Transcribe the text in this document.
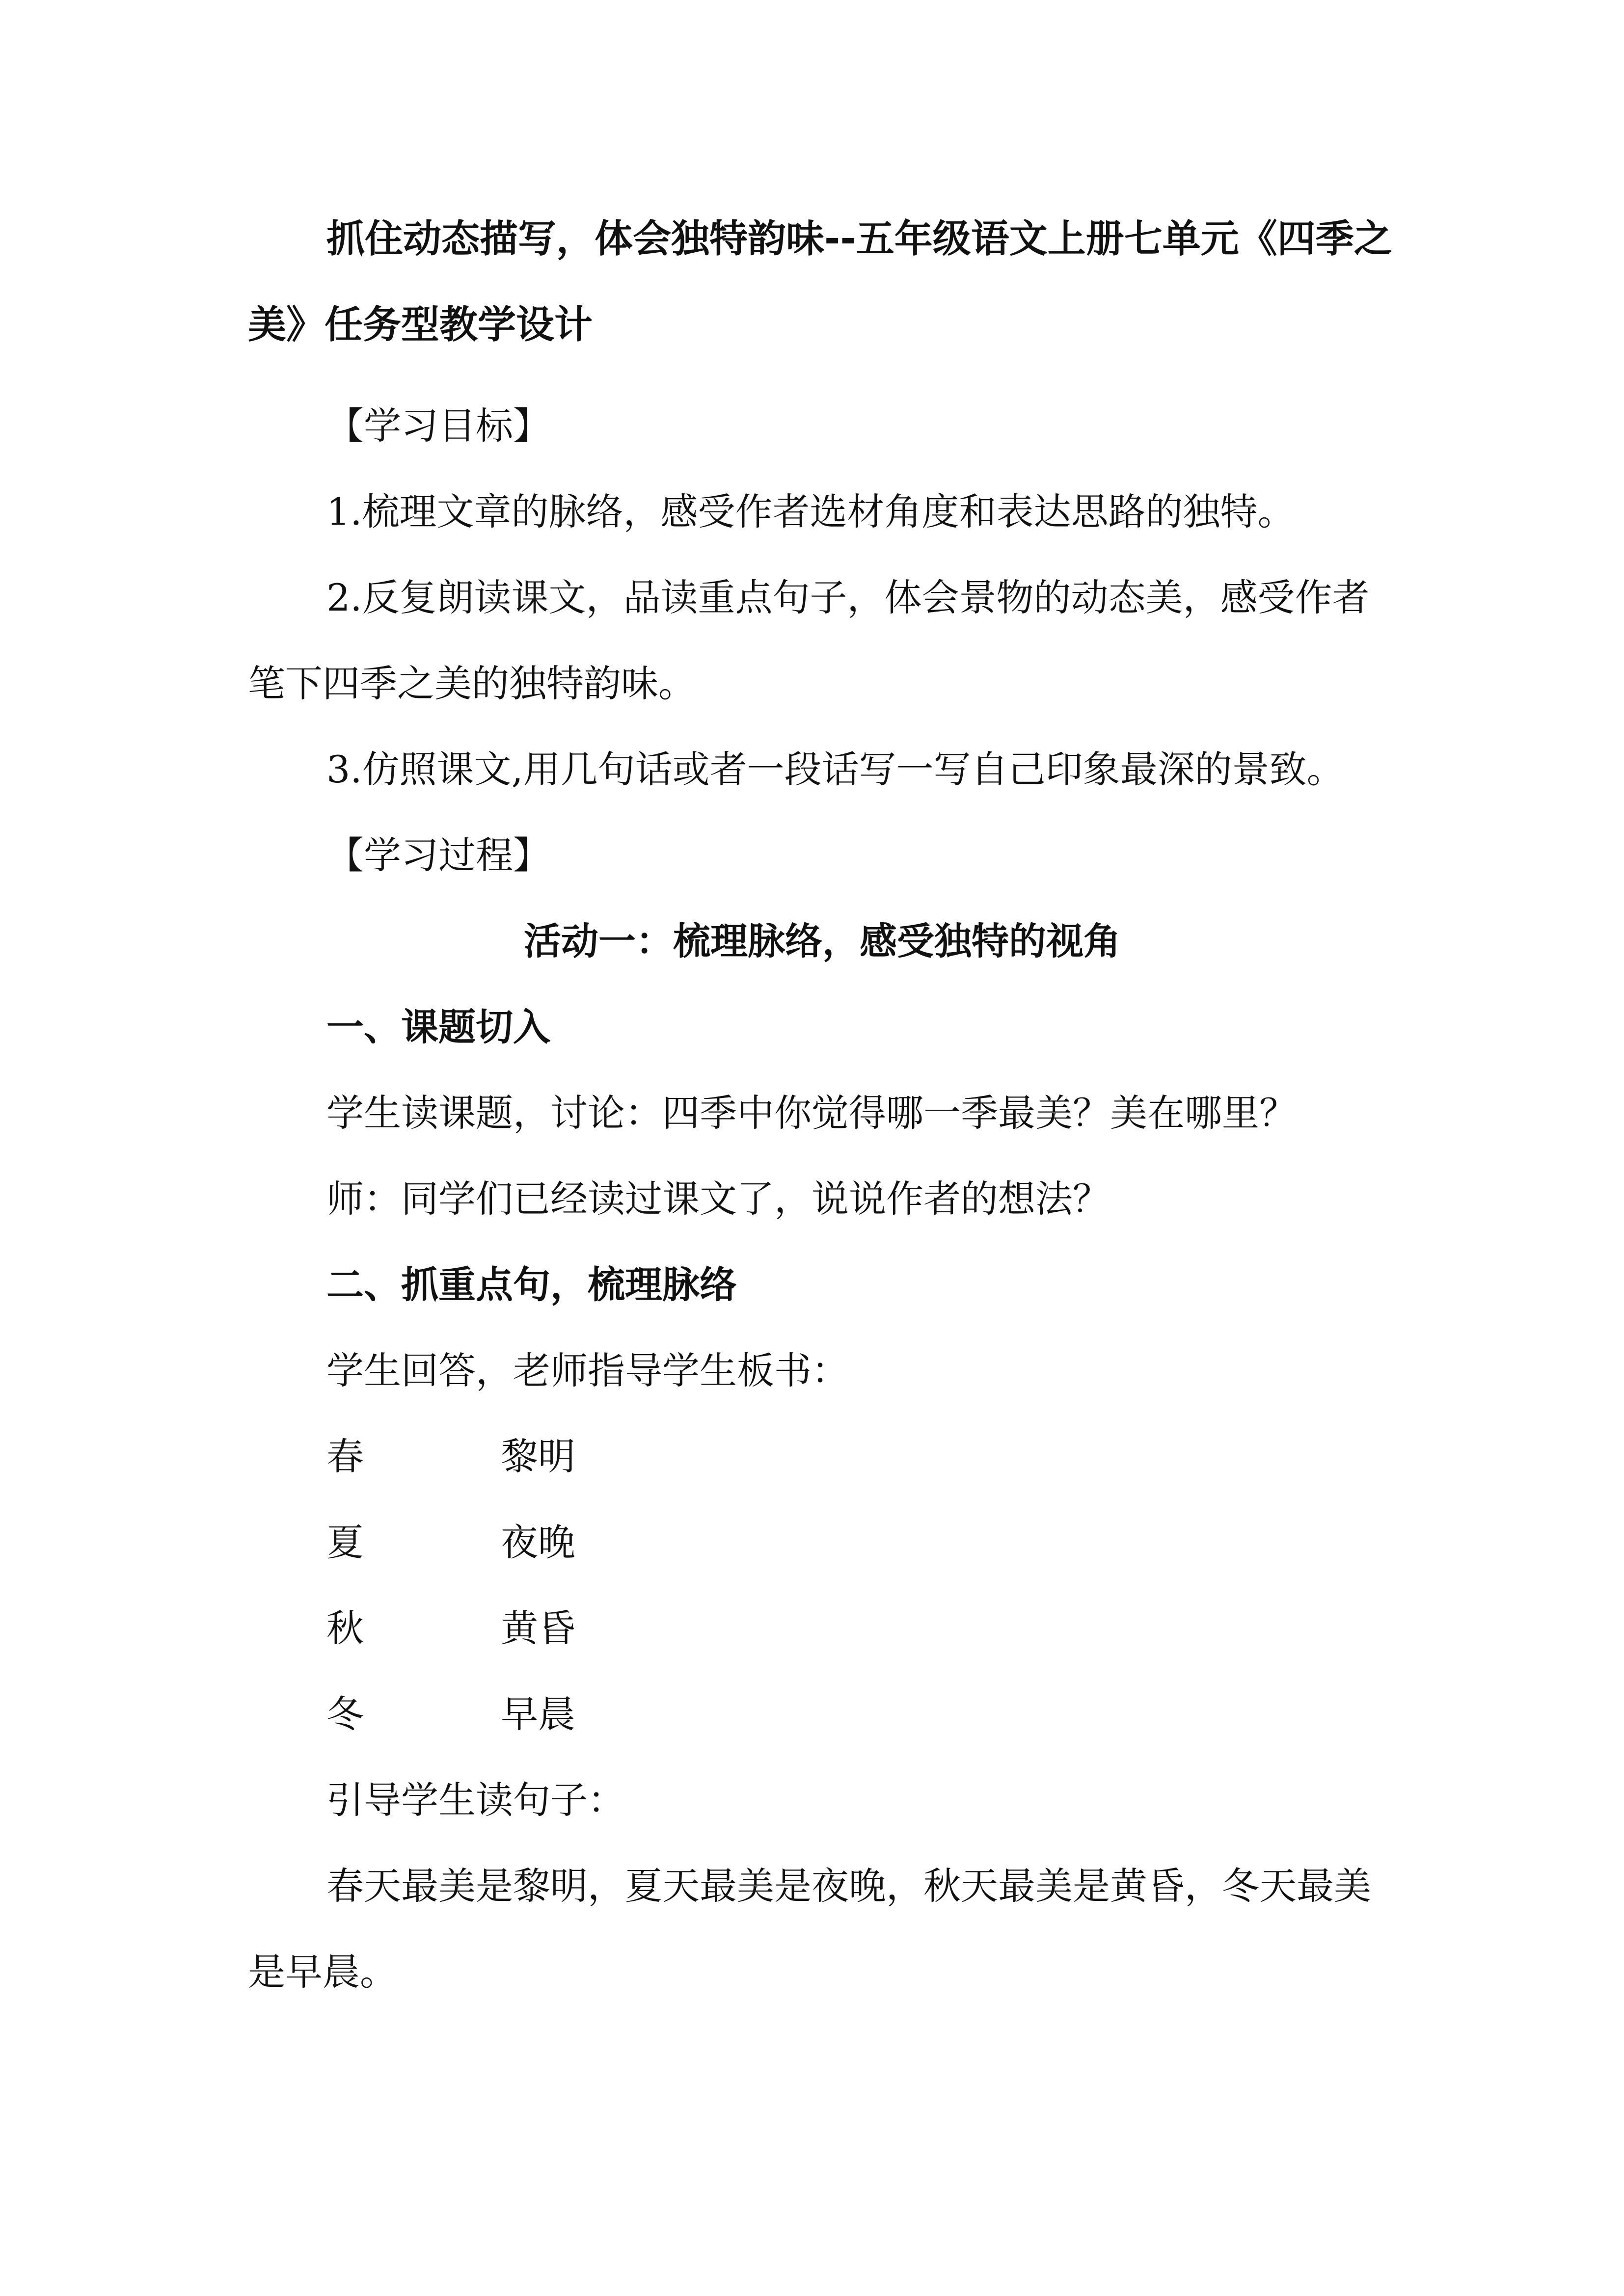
抓住动态描写，体会独特韵味--五年级语文上册七单元《四季之美》任务型教学设计

【学习目标】

1.梳理文章的脉络，感受作者选材角度和表达思路的独特。

2.反复朗读课文，品读重点句子，体会景物的动态美，感受作者笔下四季之美的独特韵味。

3.仿照课文,用几句话或者一段话写一写自己印象最深的景致。

【学习过程】

活动一：梳理脉络，感受独特的视角

一、课题切入

学生读课题，讨论：四季中你觉得哪一季最美？美在哪里？

师：同学们已经读过课文了，说说作者的想法？

二、抓重点句，梳理脉络

学生回答，老师指导学生板书：

春	黎明
夏	夜晚
秋	黄昏
冬	早晨

引导学生读句子：

春天最美是黎明，夏天最美是夜晚，秋天最美是黄昏，冬天最美是早晨。
